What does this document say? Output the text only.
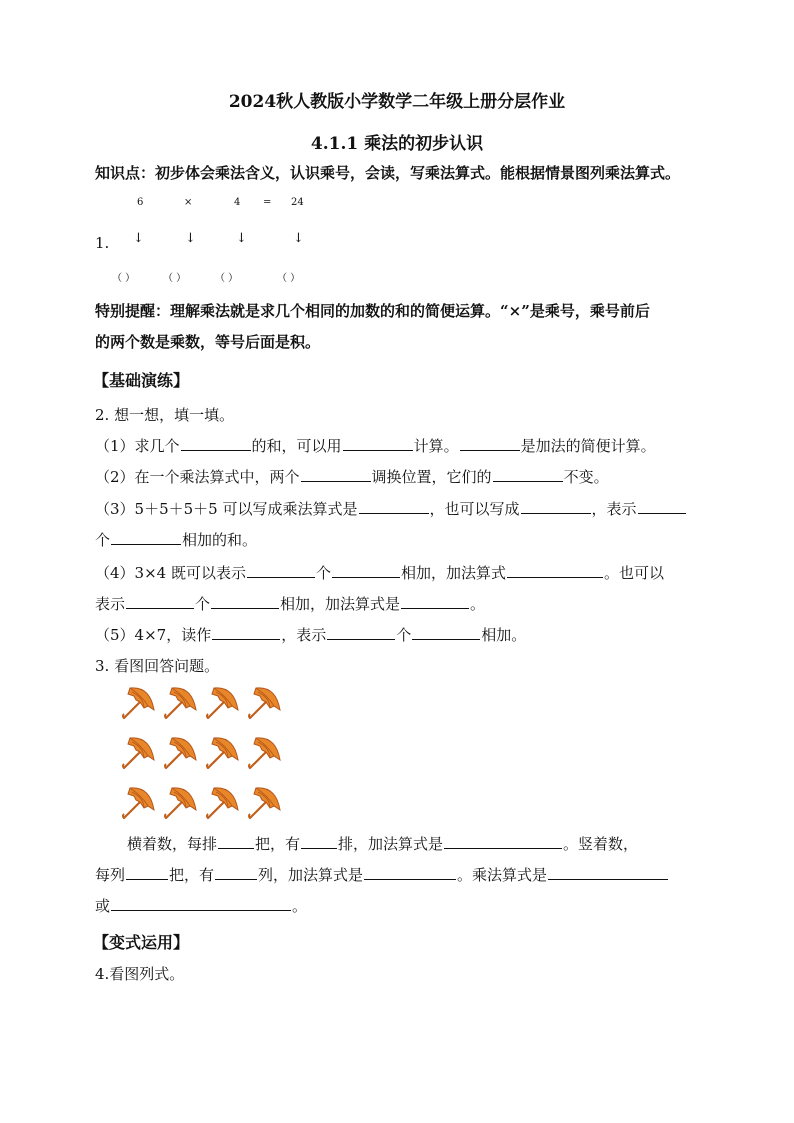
2024秋人教版小学数学二年级上册分层作业
4.1.1 乘法的初步认识
知识点：初步体会乘法含义，认识乘号，会读，写乘法算式。能根据情景图列乘法算式。
6	×	4 = 24
1. ↓	↓	↓	↓
（ ）	（ ）	（ ）	（ ）
特别提醒：理解乘法就是求几个相同的加数的和的简便运算。“×”是乘号，乘号前后
的两个数是乘数，等号后面是积。
【基础演练】
2. 想一想，填一填。
（1）求几个	的和，可以用	计算。	是加法的简便计算。
（2）在一个乘法算式中，两个	调换位置，它们的	不变。
（3）5＋5＋5＋5 可以写成乘法算式是	，也可以写成	，表示
个	相加的和。
（4）3×4 既可以表示	个	相加，加法算式	。也可以
表示	个	相加，加法算式是	。
（5）4×7，读作	，表示	个	相加。
3. 看图回答问题。
横着数，每排	把，有	排，加法算式是	。竖着数，
每列	把，有	列，加法算式是	。乘法算式是
或	。
【变式运用】
4.看图列式。
